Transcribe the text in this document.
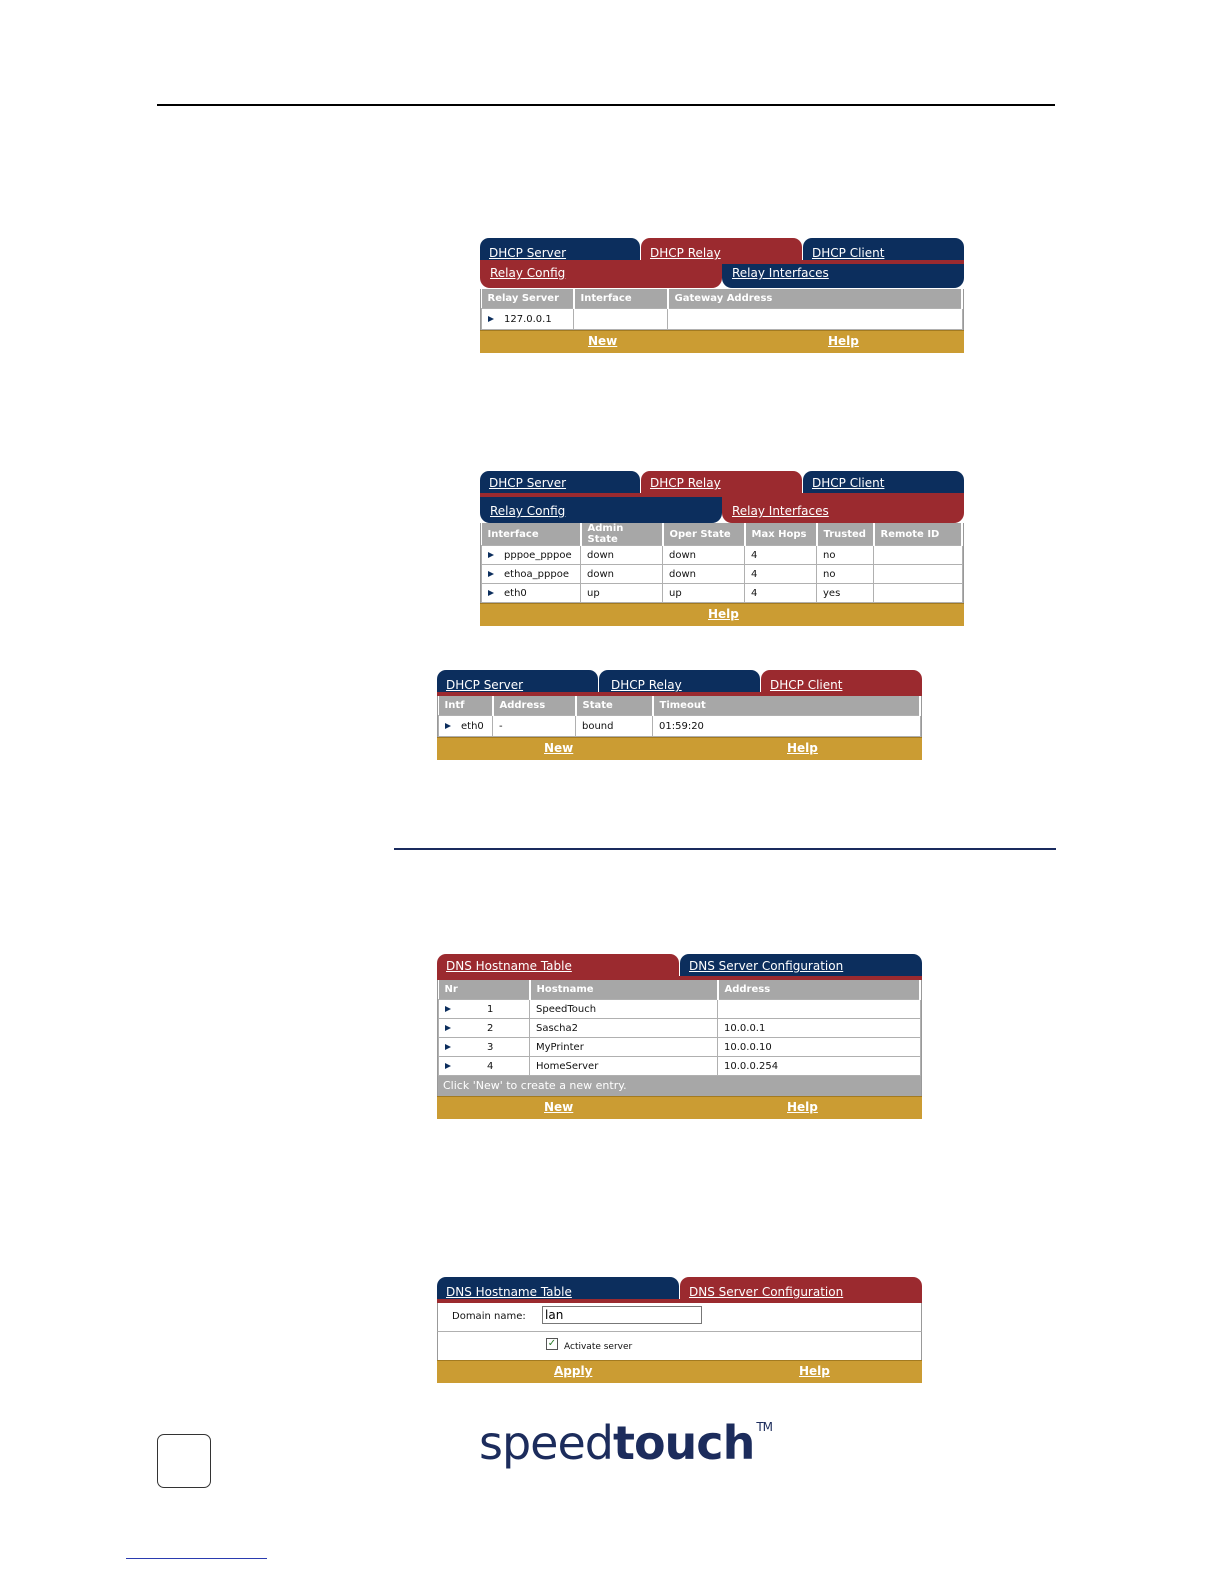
DHCP Server	DHCP Relay	DHCP Client
Relay Config	Relay Interfaces
Relay Server	Interface	Gateway Address
127.0.0.1		
New	Help
DHCP Server	DHCP Relay	DHCP Client
Relay Config	Relay Interfaces
Interface	Admin State	Oper State	Max Hops	Trusted	Remote ID
pppoe_pppoe	down	down	4	no	
ethoa_pppoe	down	down	4	no	
eth0	up	up	4	yes	
Help
DHCP Server	DHCP Relay	DHCP Client
Intf	Address	State	Timeout
eth0	-	bound	01:59:20
New	Help
DNS Hostname Table	DNS Server Configuration
Nr	Hostname	Address
1	SpeedTouch	
2	Sascha2	10.0.0.1
3	MyPrinter	10.0.0.10
4	HomeServer	10.0.0.254
Click 'New' to create a new entry.
New	Help
DNS Hostname Table	DNS Server Configuration
Domain name:
lan
✓ Activate server
Apply	Help
speedtouch ™
